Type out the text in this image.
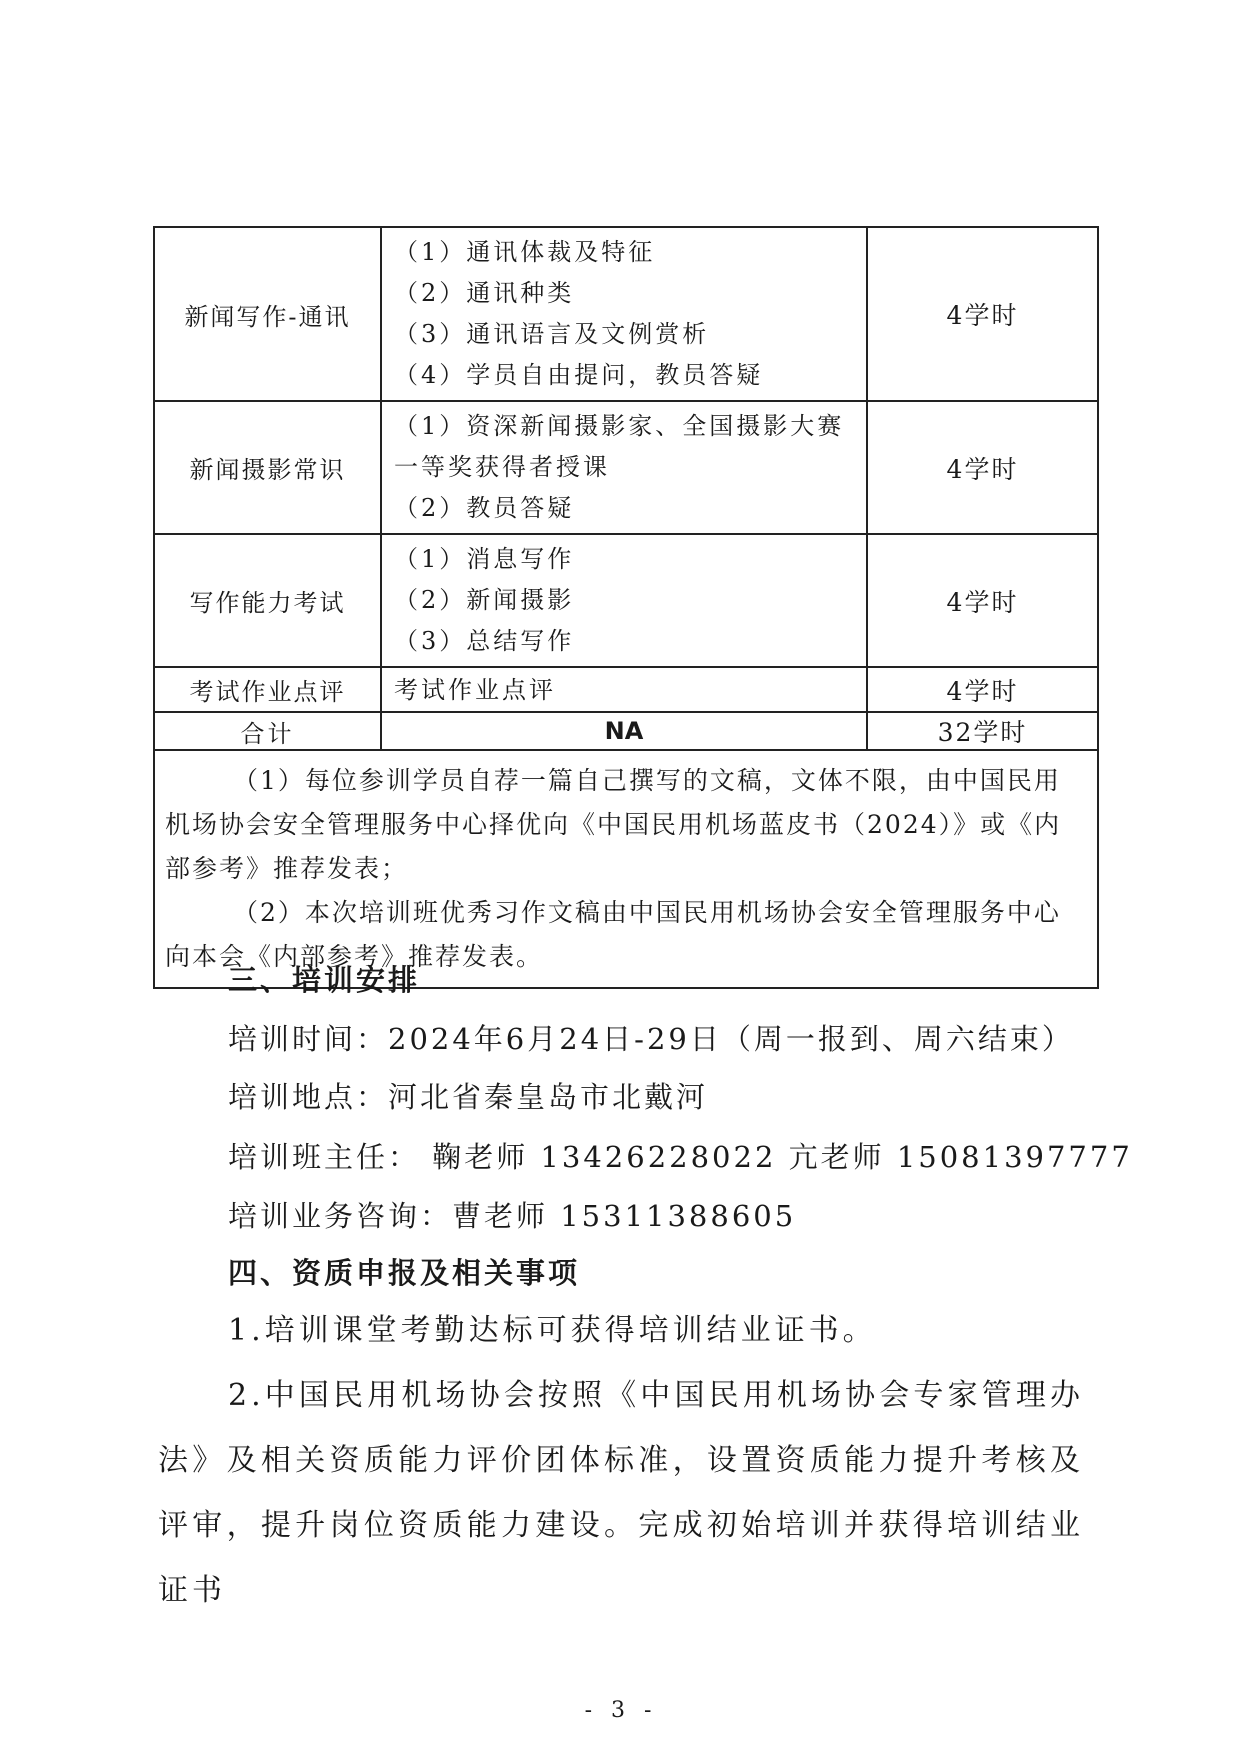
新闻写作-通讯	（1）通讯体裁及特征
（2）通讯种类
（3）通讯语言及文例赏析
（4）学员自由提问，教员答疑	4学时
新闻摄影常识	（1）资深新闻摄影家、全国摄影大赛一等奖获得者授课
（2）教员答疑	4学时
写作能力考试	（1）消息写作
（2）新闻摄影
（3）总结写作	4学时
考试作业点评	考试作业点评	4学时
合计	NA	32学时

（1）每位参训学员自荐一篇自己撰写的文稿，文体不限，由中国民用机场协会安全管理服务中心择优向《中国民用机场蓝皮书（2024）》或《内部参考》推荐发表；

（2）本次培训班优秀习作文稿由中国民用机场协会安全管理服务中心向本会《内部参考》推荐发表。		

三、培训安排
培训时间：2024年6月24日-29日（周一报到、周六结束）
培训地点：河北省秦皇岛市北戴河
培训班主任： 鞠老师 13426228022 亢老师 15081397777
培训业务咨询：曹老师 15311388605
四、资质申报及相关事项

1.培训课堂考勤达标可获得培训结业证书。

2.中国民用机场协会按照《中国民用机场协会专家管理办法》及相关资质能力评价团体标准，设置资质能力提升考核及评审，提升岗位资质能力建设。完成初始培训并获得培训结业证书

- 3 -
